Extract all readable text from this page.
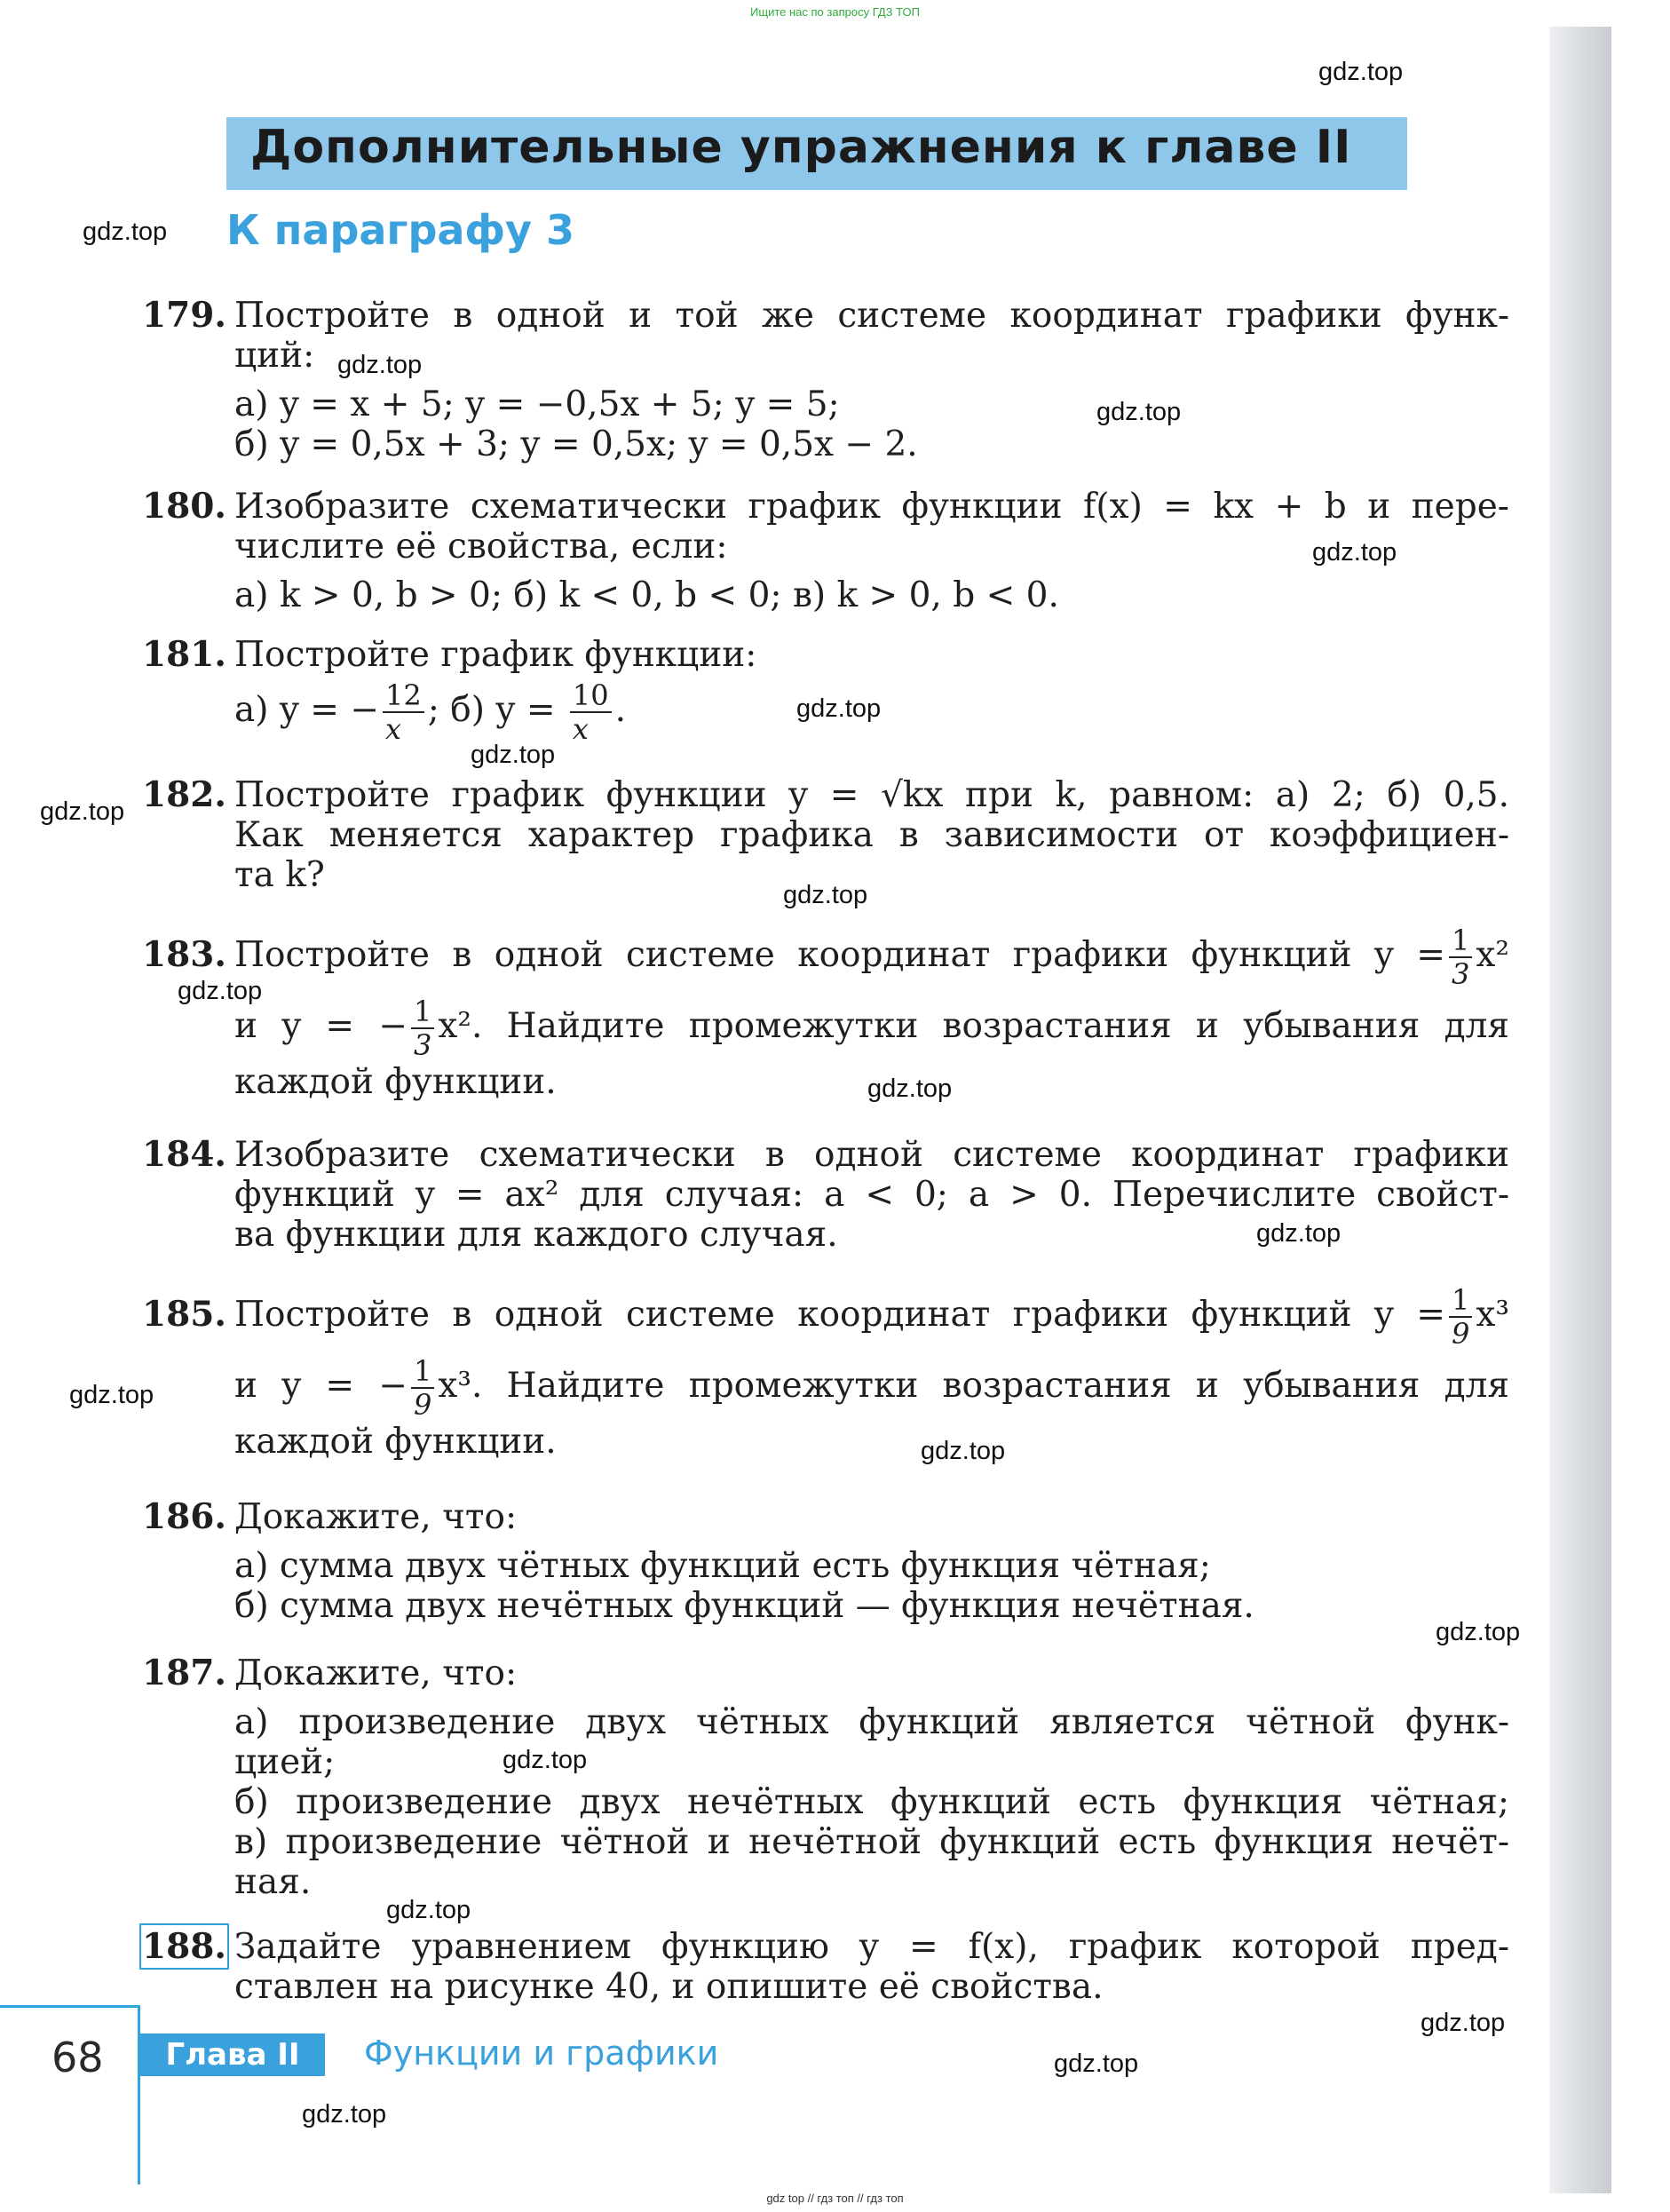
Ищите нас по запросу ГДЗ ТОП
Дополнительные упражнения к главе II
К параграфу 3
gdz.top
gdz.top
gdz.top
gdz.top
gdz.top
gdz.top
gdz.top
gdz.top
gdz.top
gdz.top
gdz.top
gdz.top
gdz.top
gdz.top
gdz.top
gdz.top
gdz.top
gdz.top
gdz.top
gdz.top
179. Постройте в одной и той же системе координат графики функ-
ций:
а) y = x + 5; y = −0,5x + 5; y = 5;
б) y = 0,5x + 3; y = 0,5x; y = 0,5x − 2.
180. Изобразите схематически график функции f(x) = kx + b и пере-
числите её свойства, если:
а) k > 0, b > 0; б) k < 0, b < 0; в) k > 0, b < 0.
181. Постройте график функции:
а) y = − $\frac{12}{x}$ ; б) $y = \frac{10}{x}$ .
182. Постройте график функции y = √kx при k, равном: а) 2; б) 0,5.
Как меняется характер графика в зависимости от коэффициен-
та k?
183. Постройте в одной системе координат графики функций $y = \frac{1}{3} x^2$
и y = − $\frac{1}{3} x^2$. Найдите промежутки возрастания и убывания для
каждой функции.
184. Изобразите схематически в одной системе координат графики
функций y = ax² для случая: a < 0; a > 0. Перечислите свойст-
ва функции для каждого случая.
185. Постройте в одной системе координат графики функций $y = \frac{1}{9} x^3$
и y = − $\frac{1}{9} x^3$. Найдите промежутки возрастания и убывания для
каждой функции.
186. Докажите, что:
а) сумма двух чётных функций есть функция чётная;
б) сумма двух нечётных функций — функция нечётная.
187. Докажите, что:
а) произведение двух чётных функций является чётной функ-
цией;
б) произведение двух нечётных функций есть функция чётная;
в) произведение чётной и нечётной функций есть функция нечёт-
ная.
188. Задайте уравнением функцию y = f(x), график которой пред-
ставлен на рисунке 40, и опишите её свойства.
68	Глава II	Функции и графики
gdz top // гдз топ // гдз топ
